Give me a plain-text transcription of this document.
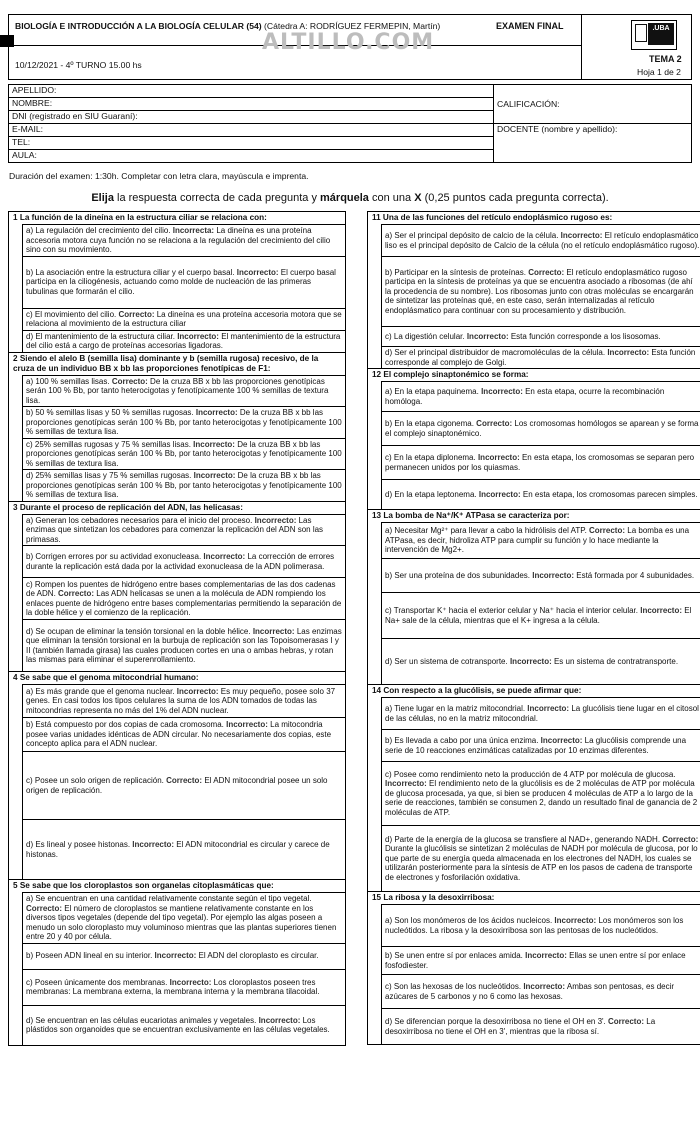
BIOLOGÍA E INTRODUCCIÓN A LA BIOLOGÍA CELULAR (54) (Cátedra A: RODRÍGUEZ FERMEPIN, Martín)	EXAMEN FINAL
10/12/2021 - 4º TURNO 15.00 hs
.UBA
TEMA 2
Hoja 1 de 2
ALTILLO.COM
APELLIDO:	CALIFICACIÓN:
NOMBRE:	
DNI (registrado en SIU Guaraní):	
E-MAIL:	DOCENTE (nombre y apellido):
TEL:	
AULA:	
Duración del examen: 1:30h. Completar con letra clara, mayúscula e imprenta.
Elija la respuesta correcta de cada pregunta y márquela con una X (0,25 puntos cada pregunta correcta).
1 La función de la dineína en la estructura ciliar se relaciona con:
a) La regulación del crecimiento del cilio. Incorrecta: La dineína es una proteína accesoria motora cuya función no se relaciona a la regulación del crecimiento del cilio sino con su movimiento.
b) La asociación entre la estructura ciliar y el cuerpo basal. Incorrecto: El cuerpo basal participa en la ciliogénesis, actuando como molde de nucleación de las primeras tubulinas que formarán el cilio.
c) El movimiento del cilio. Correcto: La dineína es una proteína accesoria motora que se relaciona al movimiento de la estructura ciliar
d) El mantenimiento de la estructura ciliar. Incorrecto: El mantenimiento de la estructura del cilio está a cargo de proteínas accesorias ligadoras.
2 Siendo el alelo B (semilla lisa) dominante y b (semilla rugosa) recesivo, de la cruza de un individuo BB x bb las proporciones fenotípicas de F1:
a) 100 % semillas lisas. Correcto: De la cruza BB x bb las proporciones genotípicas serán 100 % Bb, por tanto heterocigotas y fenotípicamente 100 % semillas de textura lisa.
b) 50 % semillas lisas y 50 % semillas rugosas. Incorrecto: De la cruza BB x bb las proporciones genotípicas serán 100 % Bb, por tanto heterocigotas y fenotípicamente 100 % semillas de textura lisa.
c) 25% semillas rugosas y 75 % semillas lisas. Incorrecto: De la cruza BB x bb las proporciones genotípicas serán 100 % Bb, por tanto heterocigotas y fenotípicamente 100 % semillas de textura lisa.
d) 25% semillas lisas y 75 % semillas rugosas. Incorrecto: De la cruza BB x bb las proporciones genotípicas serán 100 % Bb, por tanto heterocigotas y fenotípicamente 100 % semillas de textura lisa.
3 Durante el proceso de replicación del ADN, las helicasas:
a) Generan los cebadores necesarios para el inicio del proceso. Incorrecto: Las enzimas que sintetizan los cebadores para comenzar la replicación del ADN son las primasas.
b) Corrigen errores por su actividad exonucleasa. Incorrecto: La corrección de errores durante la replicación está dada por la actividad exonucleasa de la ADN polimerasa.
c) Rompen los puentes de hidrógeno entre bases complementarias de las dos cadenas de ADN. Correcto: Las ADN helicasas se unen a la molécula de ADN rompiendo los enlaces puente de hidrógeno entre bases complementarias permitiendo la separación de la doble hélice y el comienzo de la replicación.
d) Se ocupan de eliminar la tensión torsional en la doble hélice. Incorrecto: Las enzimas que eliminan la tensión torsional en la burbuja de replicación son las Topoisomerasas I y II (también llamada girasa) las cuales producen cortes en una o ambas hebras, y rotan las mismas para eliminar el superenrollamiento.
4 Se sabe que el genoma mitocondrial humano:
a) Es más grande que el genoma nuclear. Incorrecto: Es muy pequeño, posee solo 37 genes. En casi todos los tipos celulares la suma de los ADN tomados de todas las mitocondrias representa no más del 1% del ADN nuclear.
b) Está compuesto por dos copias de cada cromosoma. Incorrecto: La mitocondria posee varias unidades idénticas de ADN circular. No necesariamente dos copias, este concepto aplica para el ADN nuclear.
c) Posee un solo origen de replicación. Correcto: El ADN mitocondrial posee un solo origen de replicación.
d) Es lineal y posee histonas. Incorrecto: El ADN mitocondrial es circular y carece de histonas.
5 Se sabe que los cloroplastos son organelas citoplasmáticas que:
a) Se encuentran en una cantidad relativamente constante según el tipo vegetal. Correcto: El número de cloroplastos se mantiene relativamente constante en los diversos tipos vegetales (depende del tipo vegetal). Por ejemplo las algas poseen a menudo un solo cloroplasto muy voluminoso mientras que las plantas superiores tienen entre 20 y 40 por célula.
b) Poseen ADN lineal en su interior. Incorrecto: El ADN del cloroplasto es circular.
c) Poseen únicamente dos membranas. Incorrecto: Los cloroplastos poseen tres membranas: La membrana externa, la membrana interna y la membrana tilacoidal.
d) Se encuentran en las células eucariotas animales y vegetales. Incorrecto: Los plástidos son organoides que se encuentran exclusivamente en las células vegetales.
11 Una de las funciones del retículo endoplásmico rugoso es:
a) Ser el principal depósito de calcio de la célula. Incorrecto: El retículo endoplasmático liso es el principal depósito de Calcio de la célula (no el retículo endoplásmático rugoso).
b) Participar en la síntesis de proteínas. Correcto: El retículo endoplasmático rugoso participa en la síntesis de proteínas ya que se encuentra asociado a ribosomas (de ahí la procedencia de su nombre). Los ribosomas junto con otras moléculas se encargarán de sintetizar las proteínas qué, en este caso, serán internalizadas al retículo endoplásmatico para continuar con su procesamiento y distribución.
c) La digestión celular. Incorrecto: Esta función corresponde a los lisosomas.
d) Ser el principal distribuidor de macromoléculas de la célula. Incorrecto: Esta función corresponde al complejo de Golgi.
12 El complejo sinaptonémico se forma:
a) En la etapa paquinema. Incorrecto: En esta etapa, ocurre la recombinación homóloga.
b) En la etapa cigonema. Correcto: Los cromosomas homólogos se aparean y se forma el complejo sinaptonémico.
c) En la etapa diplonema. Incorrecto: En esta etapa, los cromosomas se separan pero permanecen unidos por los quiasmas.
d) En la etapa leptonema. Incorrecto: En esta etapa, los cromosomas parecen simples.
13 La bomba de Na⁺/K⁺ ATPasa se caracteriza por:
a) Necesitar Mg²⁺ para llevar a cabo la hidrólisis del ATP. Correcto: La bomba es una ATPasa, es decir, hidroliza ATP para cumplir su función y lo hace mediante la intervención de Mg2+.
b) Ser una proteína de dos subunidades. Incorrecto: Está formada por 4 subunidades.
c) Transportar K⁺ hacia el exterior celular y Na⁺ hacia el interior celular. Incorrecto: El Na+ sale de la célula, mientras que el K+ ingresa a la célula.
d) Ser un sistema de cotransporte. Incorrecto: Es un sistema de contratransporte.
14 Con respecto a la glucólisis, se puede afirmar que:
a) Tiene lugar en la matriz mitocondrial. Incorrecto: La glucólisis tiene lugar en el citosol de las células, no en la matriz mitocondrial.
b) Es llevada a cabo por una única enzima. Incorrecto: La glucólisis comprende una serie de 10 reacciones enzimáticas catalizadas por 10 enzimas diferentes.
c) Posee como rendimiento neto la producción de 4 ATP por molécula de glucosa. Incorrecto: El rendimiento neto de la glucólisis es de 2 moléculas de ATP por molécula de glucosa procesada, ya que, si bien se producen 4 moléculas de ATP a lo largo de la serie de reacciones, también se consumen 2, dando un resultado final de ganancia de 2 moléculas de ATP.
d) Parte de la energía de la glucosa se transfiere al NAD+, generando NADH. Correcto: Durante la glucólisis se sintetizan 2 moléculas de NADH por molécula de glucosa, por lo que parte de su energía queda almacenada en los electrones del NADH, los cuales se utilizarán posteriormente para la síntesis de ATP en los pasos de cadena de transporte de electrones y fosforilación oxidativa.
15 La ribosa y la desoxirribosa:
a) Son los monómeros de los ácidos nucleicos. Incorrecto: Los monómeros son los nucleótidos. La ribosa y la desoxirribosa son las pentosas de los nucleótidos.
b) Se unen entre sí por enlaces amida. Incorrecto: Ellas se unen entre sí por enlace fosfodiester.
c) Son las hexosas de los nucleótidos. Incorrecto: Ambas son pentosas, es decir azúcares de 5 carbonos y no 6 como las hexosas.
d) Se diferencian porque la desoxirribosa no tiene el OH en 3'. Correcto: La desoxirribosa no tiene el OH en 3', mientras que la ribosa sí.
